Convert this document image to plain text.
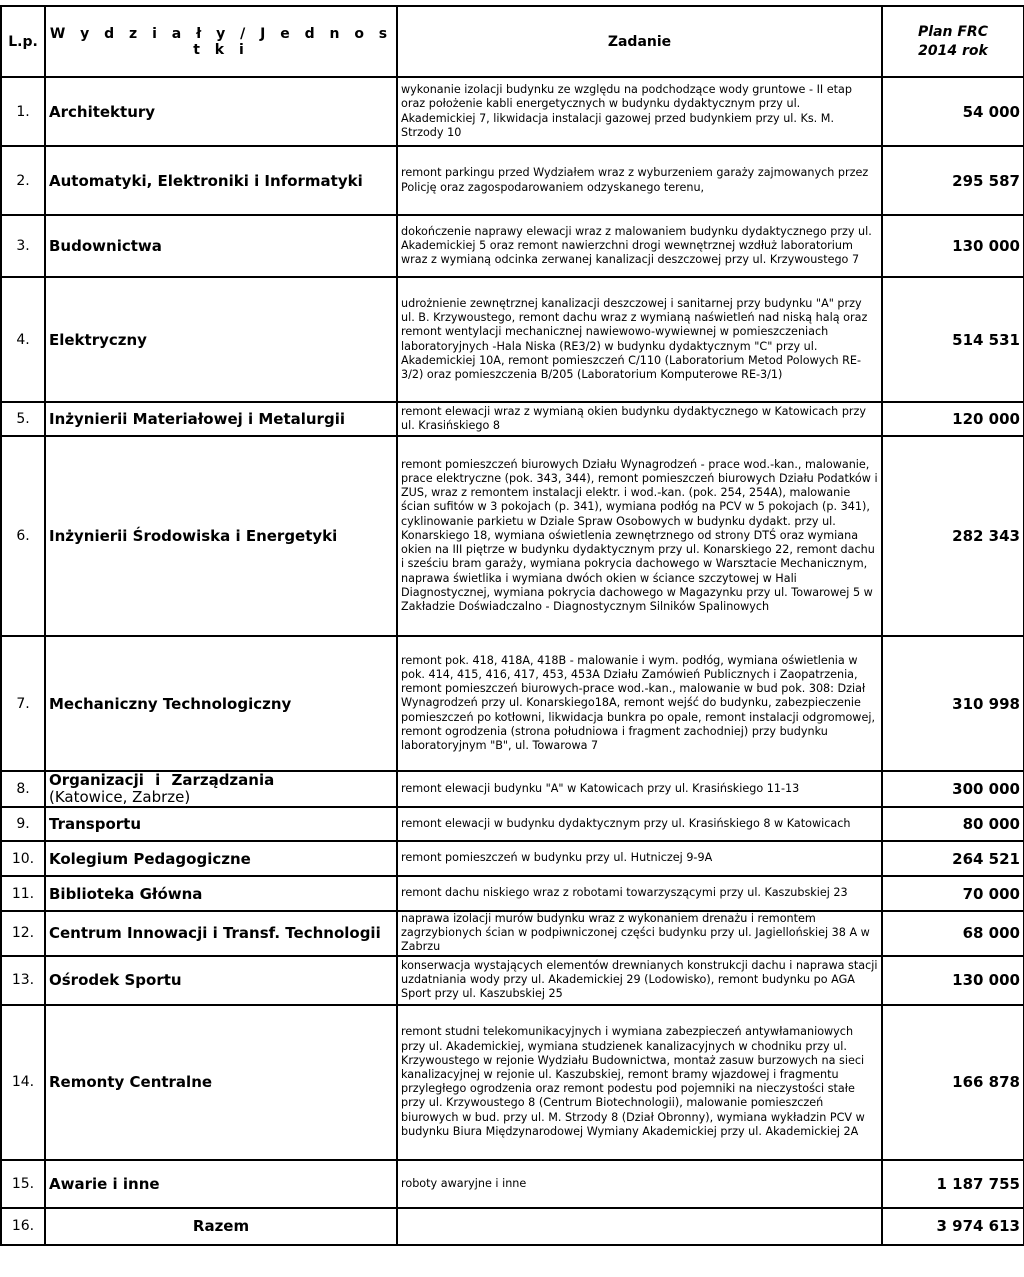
L.p.	W y d z i a ł y / J e d n o s t k i	Zadanie	Plan FRC
2014 rok

1.	Architektury	wykonanie izolacji budynku ze względu na podchodzące wody gruntowe - II etap oraz położenie kabli energetycznych w budynku dydaktycznym przy ul. Akademickiej 7, likwidacja instalacji gazowej przed budynkiem przy ul. Ks. M. Strzody 10	54 000
2.	Automatyki, Elektroniki i Informatyki	remont parkingu przed Wydziałem wraz z wyburzeniem garaży zajmowanych przez Policję oraz zagospodarowaniem odzyskanego terenu,	295 587
3.	Budownictwa	dokończenie naprawy elewacji wraz z malowaniem budynku dydaktycznego przy ul. Akademickiej 5 oraz remont nawierzchni drogi wewnętrznej wzdłuż laboratorium wraz z wymianą odcinka zerwanej kanalizacji deszczowej przy ul. Krzywoustego 7	130 000
4.	Elektryczny	udrożnienie zewnętrznej kanalizacji deszczowej i sanitarnej przy budynku "A" przy ul. B. Krzywoustego, remont dachu wraz z wymianą naświetleń nad niską halą oraz remont wentylacji mechanicznej nawiewowo-wywiewnej w pomieszczeniach laboratoryjnych -Hala Niska (RE3/2) w budynku dydaktycznym "C" przy ul. Akademickiej 10A, remont pomieszczeń C/110 (Laboratorium Metod Polowych RE-3/2) oraz pomieszczenia B/205 (Laboratorium Komputerowe RE-3/1)	514 531
5.	Inżynierii Materiałowej i Metalurgii	remont elewacji wraz z wymianą okien budynku dydaktycznego w Katowicach przy ul. Krasińskiego 8	120 000
6.	Inżynierii Środowiska i Energetyki	remont pomieszczeń biurowych Działu Wynagrodzeń - prace wod.-kan., malowanie, prace elektryczne (pok. 343, 344), remont pomieszczeń biurowych Działu Podatków i ZUS, wraz z remontem instalacji elektr. i wod.-kan. (pok. 254, 254A), malowanie ścian sufitów w 3 pokojach (p. 341), wymiana podłóg na PCV w 5 pokojach (p. 341), cyklinowanie parkietu w Dziale Spraw Osobowych w budynku dydakt. przy ul. Konarskiego 18, wymiana oświetlenia zewnętrznego od strony DTŚ oraz wymiana okien na III piętrze w budynku dydaktycznym przy ul. Konarskiego 22, remont dachu i sześciu bram garaży, wymiana pokrycia dachowego w Warsztacie Mechanicznym, naprawa świetlika i wymiana dwóch okien w ściance szczytowej w Hali Diagnostycznej, wymiana pokrycia dachowego w Magazynku przy ul. Towarowej 5 w Zakładzie Doświadczalno - Diagnostycznym Silników Spalinowych	282 343
7.	Mechaniczny Technologiczny	remont pok. 418, 418A, 418B - malowanie i wym. podłóg, wymiana oświetlenia w pok. 414, 415, 416, 417, 453, 453A Działu Zamówień Publicznych i Zaopatrzenia, remont pomieszczeń biurowych-prace wod.-kan., malowanie w bud pok. 308: Dział Wynagrodzeń przy ul. Konarskiego18A, remont wejść do budynku, zabezpieczenie pomieszczeń po kotłowni, likwidacja bunkra po opale, remont instalacji odgromowej, remont ogrodzenia (strona południowa i fragment zachodniej) przy budynku laboratoryjnym "B", ul. Towarowa 7	310 998
8.	Organizacji i Zarządzania
(Katowice, Zabrze)	remont elewacji budynku "A" w Katowicach przy ul. Krasińskiego 11-13	300 000
9.	Transportu	remont elewacji w budynku dydaktycznym przy ul. Krasińskiego 8 w Katowicach	80 000
10.	Kolegium Pedagogiczne	remont pomieszczeń w budynku przy ul. Hutniczej 9-9A	264 521
11.	Biblioteka Główna	remont dachu niskiego wraz z robotami towarzyszącymi przy ul. Kaszubskiej 23	70 000
12.	Centrum Innowacji i Transf. Technologii	naprawa izolacji murów budynku wraz z wykonaniem drenażu i remontem zagrzybionych ścian w podpiwniczonej części budynku przy ul. Jagiellońskiej 38 A w Zabrzu	68 000
13.	Ośrodek Sportu	konserwacja wystających elementów drewnianych konstrukcji dachu i naprawa stacji uzdatniania wody przy ul. Akademickiej 29 (Lodowisko), remont budynku po AGA Sport przy ul. Kaszubskiej 25	130 000
14.	Remonty Centralne	remont studni telekomunikacyjnych i wymiana zabezpieczeń antywłamaniowych przy ul. Akademickiej, wymiana studzienek kanalizacyjnych w chodniku przy ul. Krzywoustego w rejonie Wydziału Budownictwa, montaż zasuw burzowych na sieci kanalizacyjnej w rejonie ul. Kaszubskiej, remont bramy wjazdowej i fragmentu przyległego ogrodzenia oraz remont podestu pod pojemniki na nieczystości stałe przy ul. Krzywoustego 8 (Centrum Biotechnologii), malowanie pomieszczeń biurowych w bud. przy ul. M. Strzody 8 (Dział Obronny), wymiana wykładzin PCV w budynku Biura Międzynarodowej Wymiany Akademickiej przy ul. Akademickiej 2A	166 878
15.	Awarie i inne	roboty awaryjne i inne	1 187 755
16.	Razem		3 974 613
